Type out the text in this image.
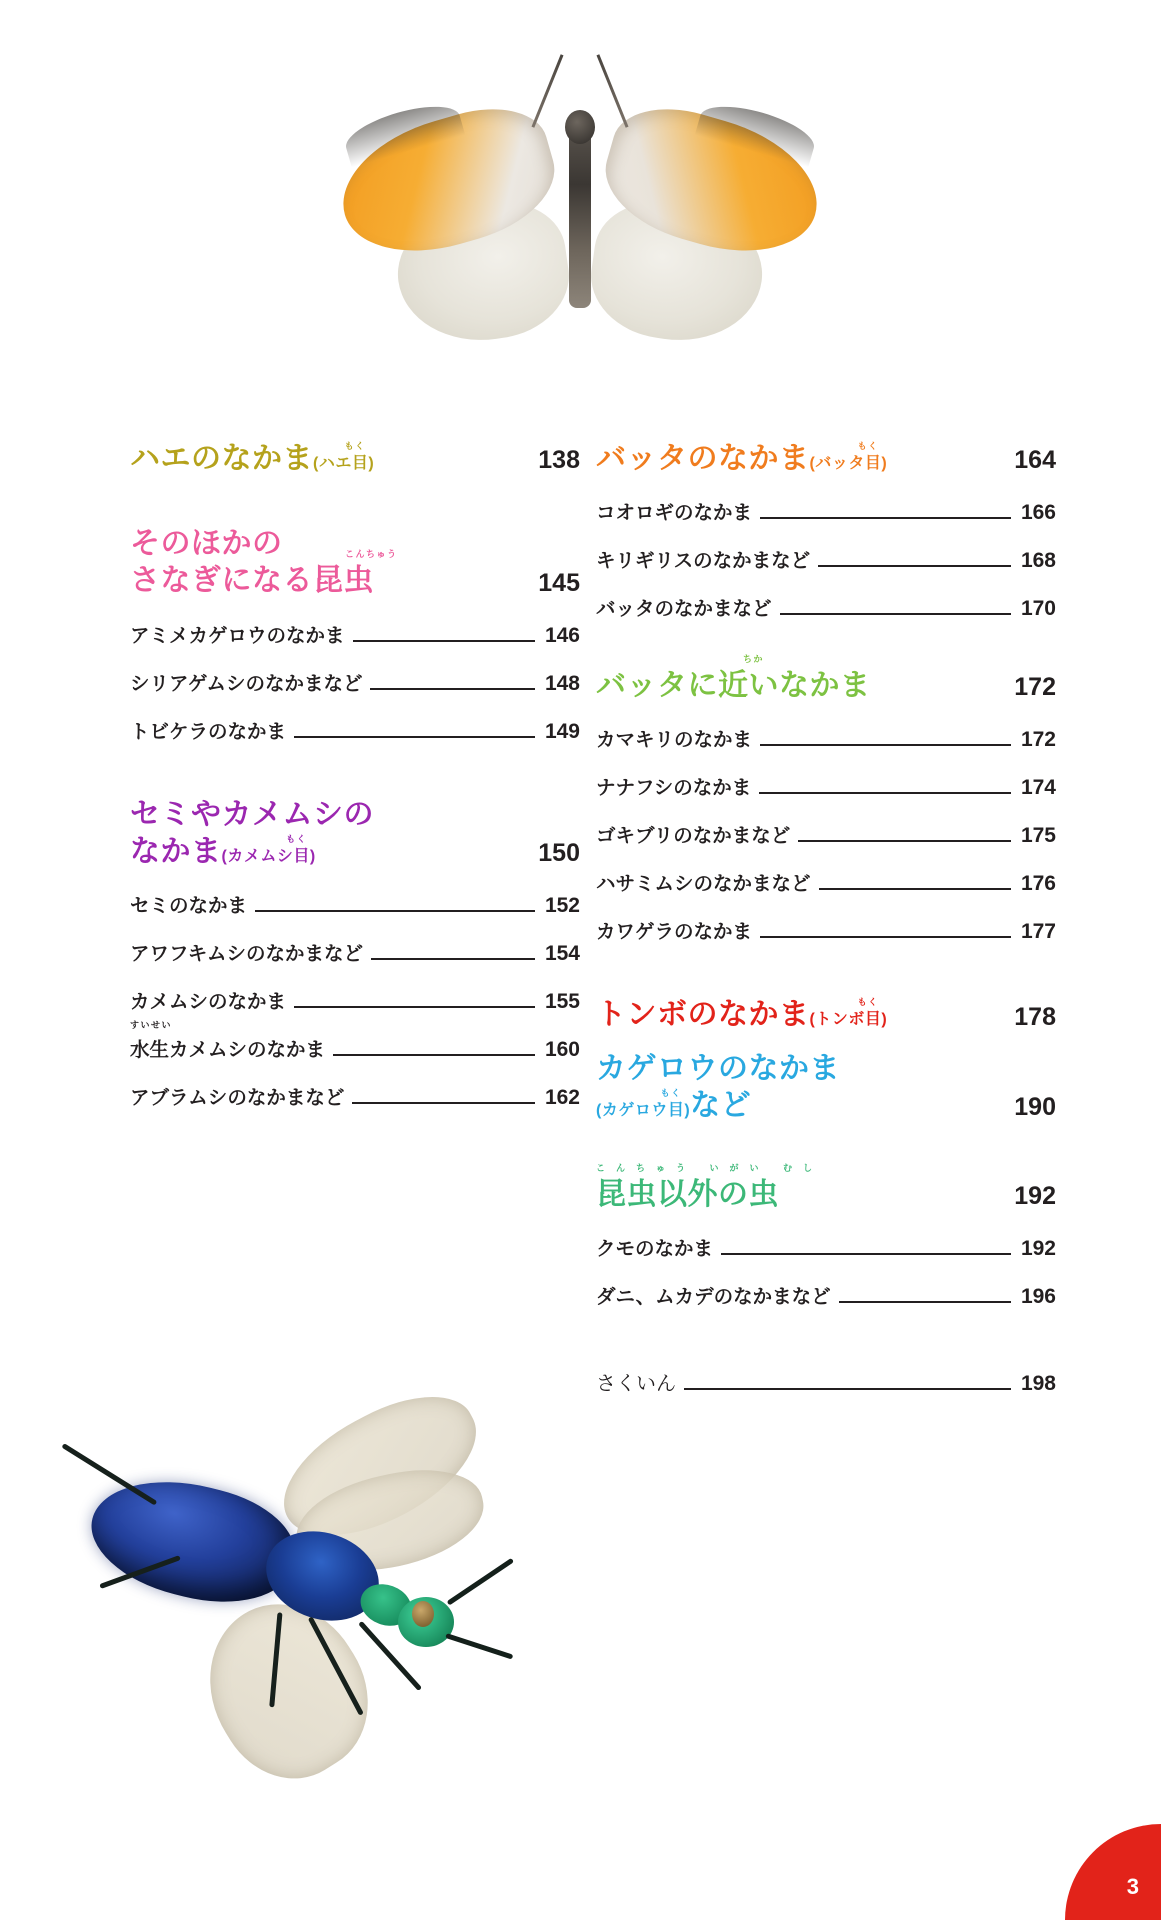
ハエのなかま	もく
(ハエ目)	138
そのほかの	こんちゅう
さなぎになる昆虫	145
アミメカゲロウのなかま	146
シリアゲムシのなかまなど	148
トビケラのなかま	149
セミやカメムシの
なかま	もく
(カメムシ目)	150
セミのなかま	152
アワフキムシのなかまなど	154
カメムシのなかま	155
すいせい
水生カメムシのなかま	160
アブラムシのなかまなど	162
バッタのなかま	もく
(バッタ目)	164
コオロギのなかま	166
キリギリスのなかまなど	168
バッタのなかまなど	170
ちか
バッタに近いなかま	172
カマキリのなかま	172
ナナフシのなかま	174
ゴキブリのなかまなど	175
ハサミムシのなかまなど	176
カワゲラのなかま	177
トンボのなかま	もく
(トンボ目)	178
カゲロウのなかま
もく
(カゲロウ目)など	190
こんちゅう いがい むし
昆虫以外の虫	192
クモのなかま	192
ダニ、ムカデのなかまなど	196
さくいん	198
3
